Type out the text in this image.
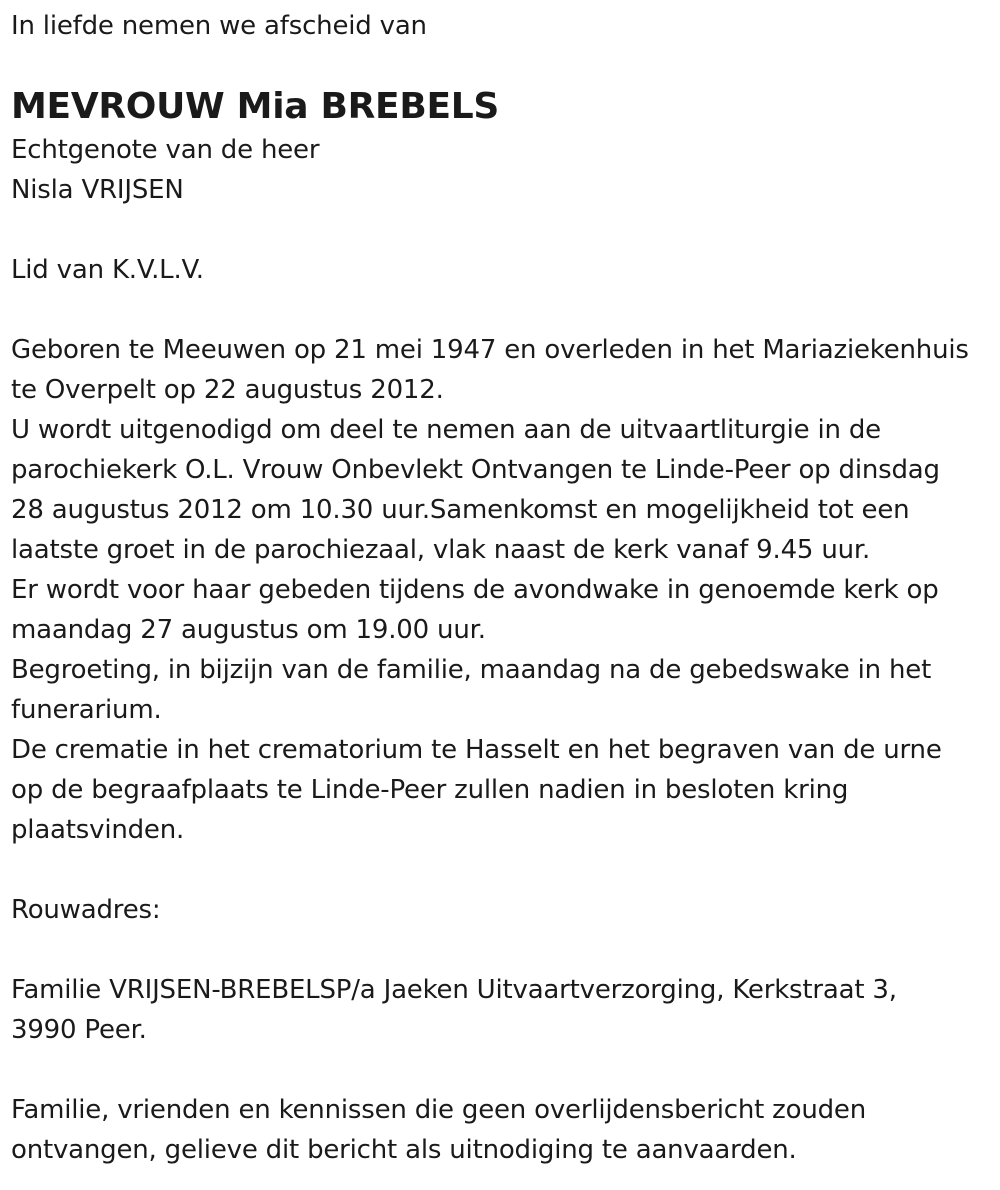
In liefde nemen we afscheid van
MEVROUW Mia BREBELS
Echtgenote van de heer
Nisla VRIJSEN
Lid van K.V.L.V.
Geboren te Meeuwen op 21 mei 1947 en overleden in het Mariaziekenhuis
te Overpelt op 22 augustus 2012.
U wordt uitgenodigd om deel te nemen aan de uitvaartliturgie in de
parochiekerk O.L. Vrouw Onbevlekt Ontvangen te Linde-Peer op dinsdag
28 augustus 2012 om 10.30 uur.Samenkomst en mogelijkheid tot een
laatste groet in de parochiezaal, vlak naast de kerk vanaf 9.45 uur.
Er wordt voor haar gebeden tijdens de avondwake in genoemde kerk op
maandag 27 augustus om 19.00 uur.
Begroeting, in bijzijn van de familie, maandag na de gebedswake in het
funerarium.
De crematie in het crematorium te Hasselt en het begraven van de urne
op de begraafplaats te Linde-Peer zullen nadien in besloten kring
plaatsvinden.
Rouwadres:
Familie VRIJSEN-BREBELSP/a Jaeken Uitvaartverzorging, Kerkstraat 3,
3990 Peer.
Familie, vrienden en kennissen die geen overlijdensbericht zouden
ontvangen, gelieve dit bericht als uitnodiging te aanvaarden.
